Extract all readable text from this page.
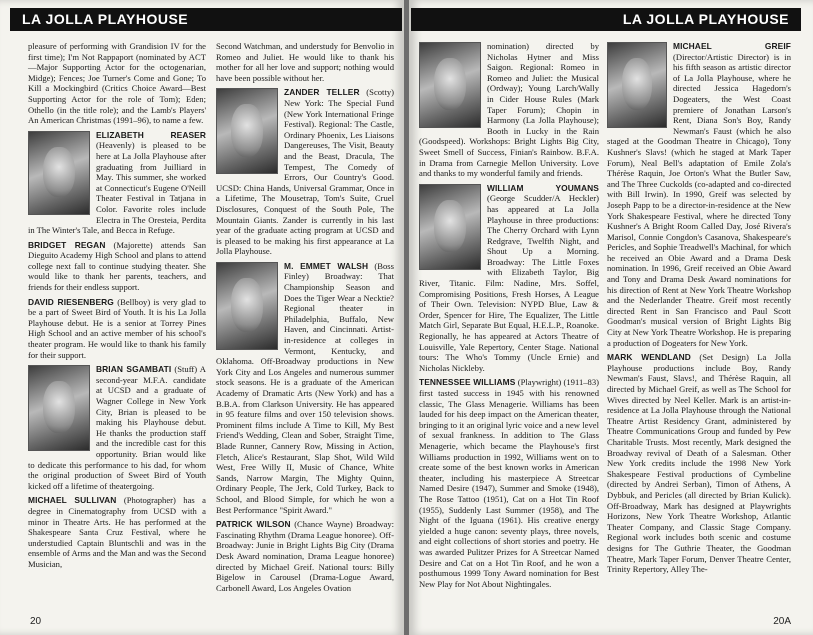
LA JOLLA PLAYHOUSE

pleasure of performing with Grandision IV for the first time); I'm Not Rappaport (nominated by ACT—Major Supporting Actor for the octogenarian, Midge); Fences; Joe Turner's Come and Gone; To Kill a Mockingbird (Critics Choice Award—Best Supporting Actor for the role of Tom); Eden; Othello (in the title role); and the Lamb's Players' An American Christmas (1991–96), to name a few.

ELIZABETH REASER (Heavenly) is pleased to be here at La Jolla Playhouse after graduating from Juilliard in May. This summer, she worked at Connecticut's Eugene O'Neill Theater Festival in Tatjana in Color. Favorite roles include Electra in The Oresteia, Perdita in The Winter's Tale, and Becca in Refuge.

BRIDGET REGAN (Majorette) attends San Dieguito Academy High School and plans to attend college next fall to continue studying theater. She would like to thank her parents, teachers, and friends for their endless support.

DAVID RIESENBERG (Bellboy) is very glad to be a part of Sweet Bird of Youth. It is his La Jolla Playhouse debut. He is a senior at Torrey Pines High School and an active member of his school's theater program. He would like to thank his family for their support.

BRIAN SGAMBATI (Stuff) A second-year M.F.A. candidate at UCSD and a graduate of Wagner College in New York City, Brian is pleased to be making his Playhouse debut. He thanks the production staff and the incredible cast for this opportunity. Brian would like to dedicate this performance to his dad, for whom the original production of Sweet Bird of Youth kicked off a lifetime of theatergoing.

MICHAEL SULLIVAN (Photographer) has a degree in Cinematography from UCSD with a minor in Theatre Arts. He has performed at the Shakespeare Santa Cruz Festival, where he understudied Captain Bluntschli and was in the ensemble of Arms and the Man and was the Second Musician,

Second Watchman, and understudy for Benvolio in Romeo and Juliet. He would like to thank his mother for all her love and support; nothing would have been possible without her.

ZANDER TELLER (Scotty) New York: The Special Fund (New York International Fringe Festival). Regional: The Castle, Ordinary Phoenix, Les Liaisons Dangereuses, The Visit, Beauty and the Beast, Dracula, The Tempest, The Comedy of Errors, Our Country's Good. UCSD: China Hands, Universal Grammar, Once in a Lifetime, The Mousetrap, Tom's Suite, Cruel Disclosures, Conquest of the South Pole, The Mountain Giants. Zander is currently in his last year of the graduate acting program at UCSD and is pleased to be making his first appearance at La Jolla Playhouse.

M. EMMET WALSH (Boss Finley) Broadway: That Championship Season and Does the Tiger Wear a Necktie? Regional theater in Philadelphia, Buffalo, New Haven, and Cincinnati. Artist-in-residence at colleges in Vermont, Kentucky, and Oklahoma. Off-Broadway productions in New York City and Los Angeles and numerous summer stock seasons. He is a graduate of the American Academy of Dramatic Arts (New York) and has a B.B.A. from Clarkson University. He has appeared in 95 feature films and over 150 television shows. Prominent films include A Time to Kill, My Best Friend's Wedding, Clean and Sober, Straight Time, Blade Runner, Cannery Row, Missing in Action, Fletch, Alice's Restaurant, Slap Shot, Wild Wild West, Free Willy II, Music of Chance, White Sands, Narrow Margin, The Mighty Quinn, Ordinary People, The Jerk, Cold Turkey, Back to School, and Blood Simple, for which he won a Best Performance "Spirit Award."

PATRICK WILSON (Chance Wayne) Broadway: Fascinating Rhythm (Drama League honoree). Off-Broadway: Junie in Bright Lights Big City (Drama Desk Award nomination, Drama League honoree) directed by Michael Greif. National tours: Billy Bigelow in Carousel (Drama-Logue Award, Carbonell Award, Los Angeles Ovation

20
LA JOLLA PLAYHOUSE

nomination) directed by Nicholas Hytner and Miss Saigon. Regional: Romeo in Romeo and Juliet: the Musical (Ordway); Young Larch/Wally in Cider House Rules (Mark Taper Forum); Chopin in Harmony (La Jolla Playhouse); Booth in Lucky in the Rain (Goodspeed). Workshops: Bright Lights Big City, Sweet Smell of Success, Finian's Rainbow. B.F.A. in Drama from Carnegie Mellon University. Love and thanks to my wonderful family and friends.

WILLIAM YOUMANS (George Scudder/A Heckler) has appeared at La Jolla Playhouse in three productions: The Cherry Orchard with Lynn Redgrave, Twelfth Night, and Shout Up a Morning. Broadway: The Little Foxes with Elizabeth Taylor, Big River, Titanic. Film: Nadine, Mrs. Soffel, Compromising Positions, Fresh Horses, A League of Their Own. Television: NYPD Blue, Law & Order, Spencer for Hire, The Equalizer, The Little Match Girl, Separate But Equal, H.E.L.P., Roanoke. Regionally, he has appeared at Actors Theatre of Louisville, Yale Repertory, Center Stage. National tours: The Who's Tommy (Uncle Ernie) and Nicholas Nickleby.

TENNESSEE WILLIAMS (Playwright) (1911–83) first tasted success in 1945 with his renowned classic, The Glass Menagerie. Williams has been lauded for his deep impact on the American theater, bringing to it an original lyric voice and a new level of sexual frankness. In addition to The Glass Menagerie, which became the Playhouse's first Williams production in 1992, Williams went on to create some of the best known works in American theater, including his masterpiece A Streetcar Named Desire (1947), Summer and Smoke (1948), The Rose Tattoo (1951), Cat on a Hot Tin Roof (1955), Suddenly Last Summer (1958), and The Night of the Iguana (1961). His creative energy yielded a huge canon: seventy plays, three novels, and eight collections of short stories and poetry. He was awarded Pulitzer Prizes for A Streetcar Named Desire and Cat on a Hot Tin Roof, and he won a posthumous 1999 Tony Award nomination for Best New Play for Not About Nightingales.

MICHAEL GREIF (Director/Artistic Director) is in his fifth season as artistic director of La Jolla Playhouse, where he directed Jessica Hagedorn's Dogeaters, the West Coast premiere of Jonathan Larson's Rent, Diana Son's Boy, Randy Newman's Faust (which he also staged at the Goodman Theatre in Chicago), Tony Kushner's Slavs! (which he staged at Mark Taper Forum), Neal Bell's adaptation of Emile Zola's Thérèse Raquin, Joe Orton's What the Butler Saw, and The Three Cuckolds (co-adapted and co-directed with Bill Irwin). In 1990, Greif was selected by Joseph Papp to be a director-in-residence at the New York Shakespeare Festival, where he directed Tony Kushner's A Bright Room Called Day, José Rivera's Marisol, Connie Congdon's Casanova, Shakespeare's Pericles, and Sophie Treadwell's Machinal, for which he received an Obie Award and a Drama Desk nomination. In 1996, Greif received an Obie Award and Tony and Drama Desk Award nominations for his direction of Rent at New York Theatre Workshop and the Nederlander Theatre. Greif most recently directed Rent in San Francisco and Paul Scott Goodman's musical version of Bright Lights Big City at New York Theatre Workshop. He is preparing a production of Dogeaters for New York.

MARK WENDLAND (Set Design) La Jolla Playhouse productions include Boy, Randy Newman's Faust, Slavs!, and Thérèse Raquin, all directed by Michael Greif, as well as The School for Wives directed by Neel Keller. Mark is an artist-in-residence at La Jolla Playhouse through the National Theatre Artist Residency Grant, administered by Theatre Communications Group and funded by Pew Charitable Trusts. Most recently, Mark designed the Broadway revival of Death of a Salesman. Other New York credits include the 1998 New York Shakespeare Festival productions of Cymbeline (directed by Andrei Serban), Timon of Athens, A Dybbuk, and Pericles (all directed by Brian Kulick). Off-Broadway, Mark has designed at Playwrights Horizons, New York Theatre Workshop, Atlantic Theater Company, and Classic Stage Company. Regional work includes both scenic and costume designs for The Guthrie Theater, the Goodman Theatre, Mark Taper Forum, Denver Theatre Center, Trinity Repertory, Alley The-

20A
